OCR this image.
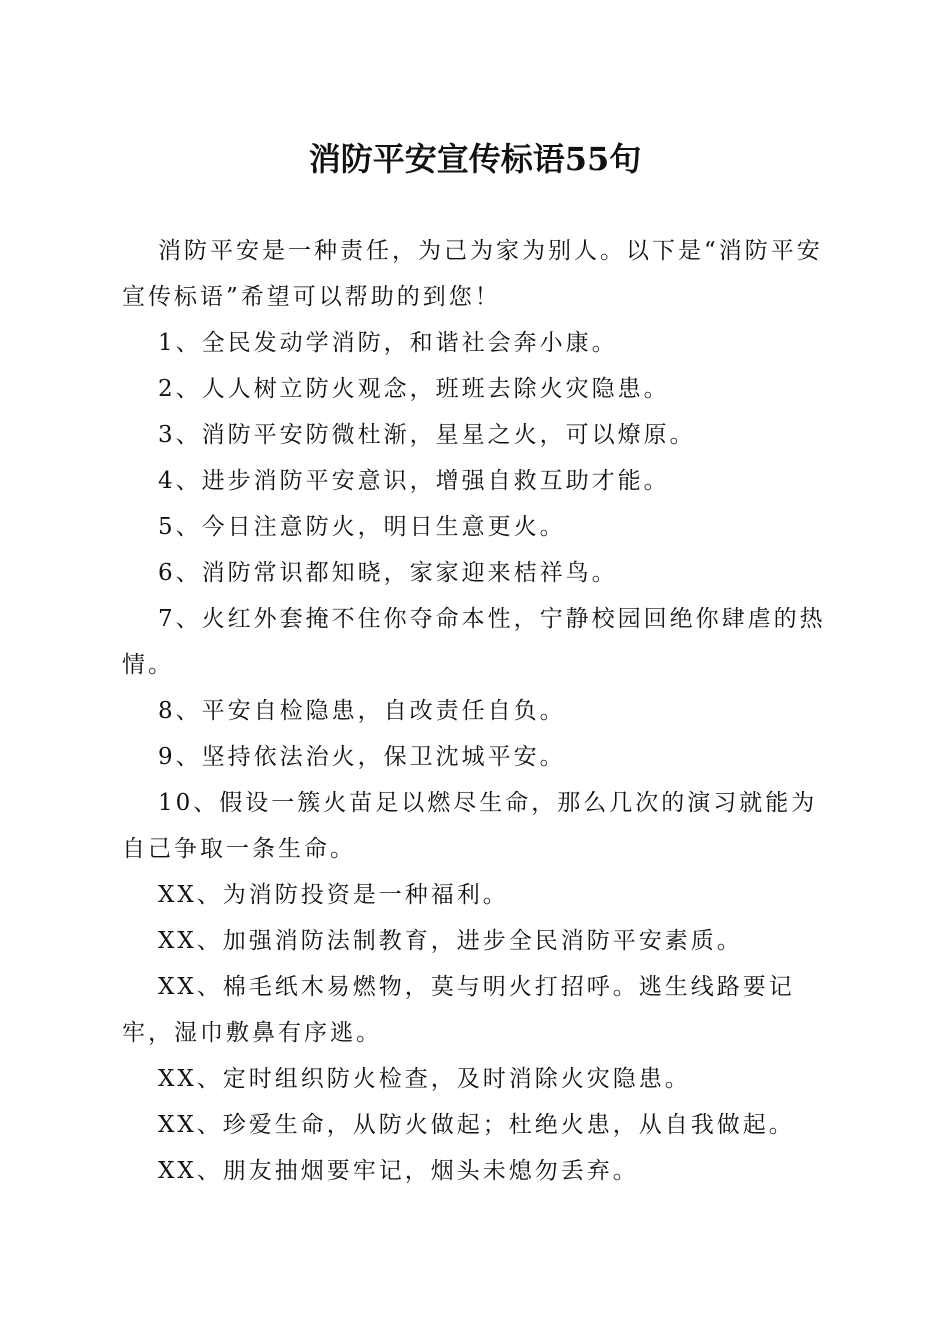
消防平安宣传标语55句

消防平安是一种责任，为己为家为别人。以下是“消防平安宣传标语”希望可以帮助的到您！

1、全民发动学消防，和谐社会奔小康。

2、人人树立防火观念，班班去除火灾隐患。

3、消防平安防微杜渐，星星之火，可以燎原。

4、进步消防平安意识，增强自救互助才能。

5、今日注意防火，明日生意更火。

6、消防常识都知晓，家家迎来桔祥鸟。

7、火红外套掩不住你夺命本性，宁静校园回绝你肆虐的热情。

8、平安自检隐患，自改责任自负。

9、坚持依法治火，保卫沈城平安。

10、假设一簇火苗足以燃尽生命，那么几次的演习就能为自己争取一条生命。

XX、为消防投资是一种福利。

XX、加强消防法制教育，进步全民消防平安素质。

XX、棉毛纸木易燃物，莫与明火打招呼。逃生线路要记牢，湿巾敷鼻有序逃。

XX、定时组织防火检查，及时消除火灾隐患。

XX、珍爱生命，从防火做起；杜绝火患，从自我做起。

XX、朋友抽烟要牢记，烟头未熄勿丢弃。
